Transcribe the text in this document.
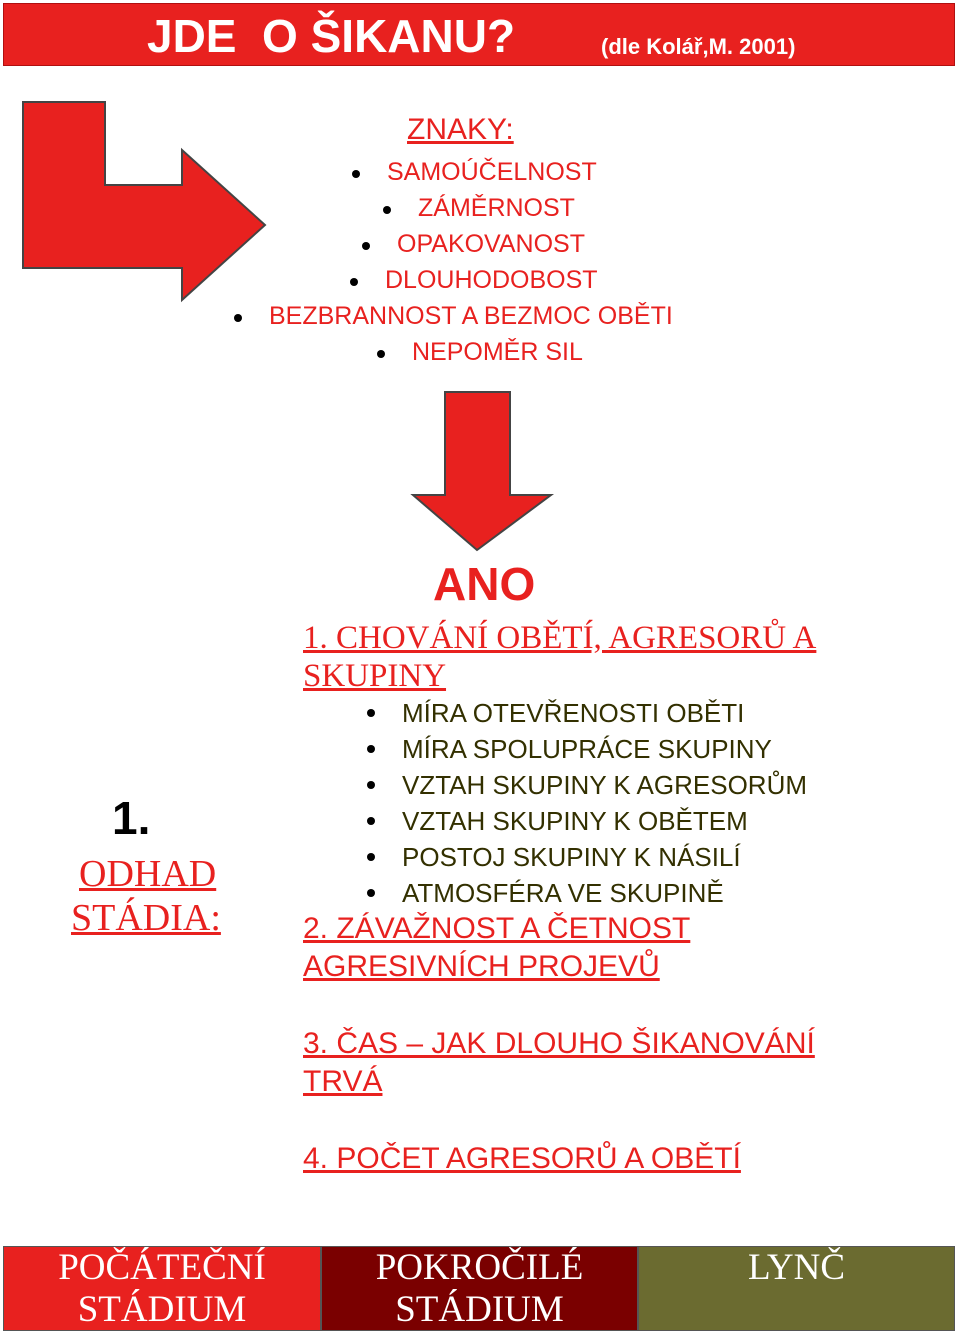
JDE  O ŠIKANU?	(dle Kolář,M. 2001)
ZNAKY:
SAMOÚČELNOST
ZÁMĚRNOST
OPAKOVANOST
DLOUHODOBOST
BEZBRANNOST A BEZMOC OBĚTI
NEPOMĚR SIL
ANO
1.
ODHAD
STÁDIA:
1. CHOVÁNÍ OBĚTÍ, AGRESORŮ A
SKUPINY
MÍRA OTEVŘENOSTI OBĚTI
MÍRA SPOLUPRÁCE SKUPINY
VZTAH SKUPINY K AGRESORŮM
VZTAH SKUPINY K OBĚTEM
POSTOJ SKUPINY K NÁSILÍ
ATMOSFÉRA VE SKUPINĚ
2. ZÁVAŽNOST A ČETNOST
AGRESIVNÍCH PROJEVŮ
3. ČAS – JAK DLOUHO ŠIKANOVÁNÍ
TRVÁ
4. POČET AGRESORŮ A OBĚTÍ
POČÁTEČNÍ
STÁDIUM
POKROČILÉ
STÁDIUM
LYNČ
